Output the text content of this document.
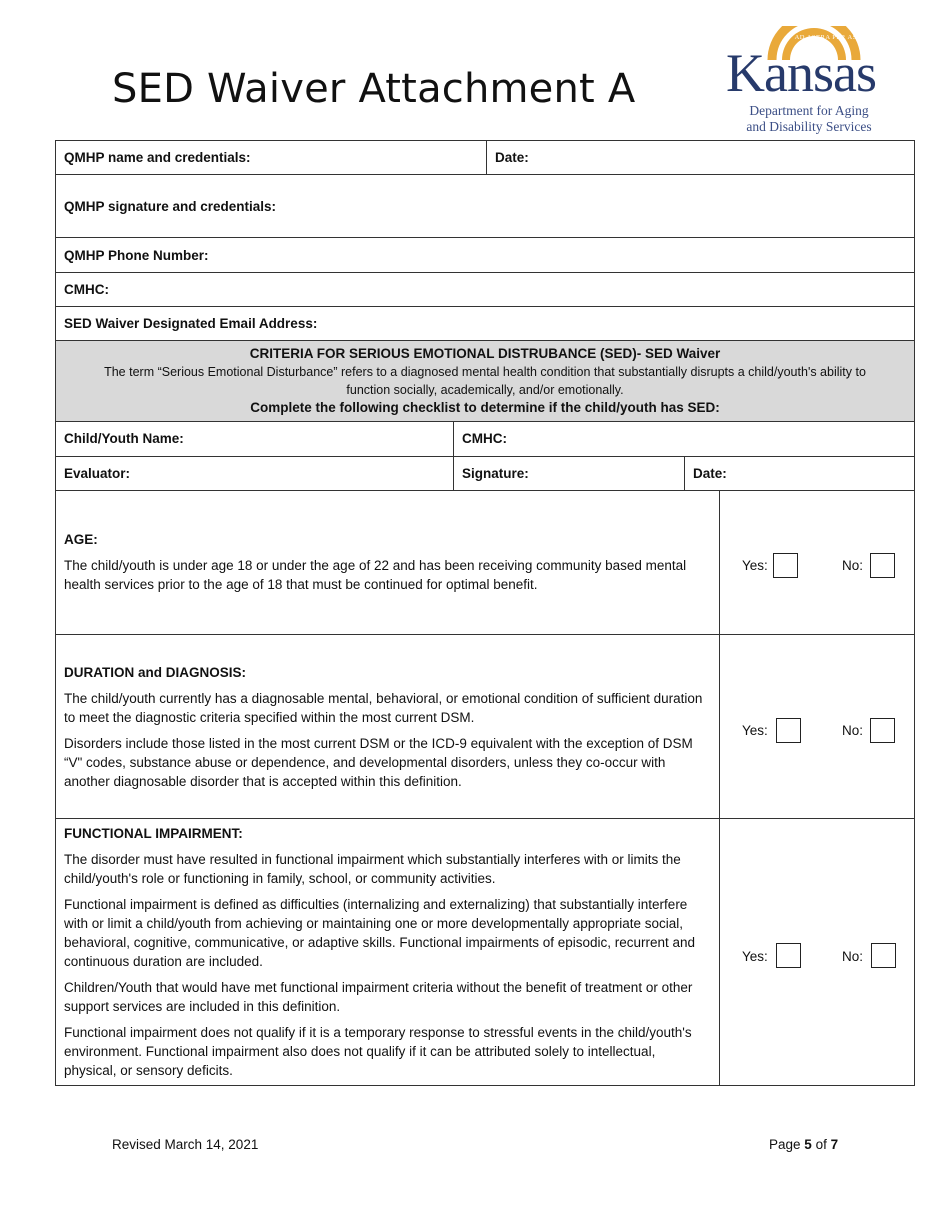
SED Waiver Attachment A
AD ASTRA PER ASPERA
Kansas
Department for Aging
and Disability Services
QMHP name and credentials:	Date:
QMHP signature and credentials:
QMHP Phone Number:
CMHC:
SED Waiver Designated Email Address:

CRITERIA FOR SERIOUS EMOTIONAL DISTRUBANCE (SED)- SED Waiver
The term “Serious Emotional Disturbance” refers to a diagnosed mental health condition that substantially disrupts a child/youth's ability to
function socially, academically, and/or emotionally.
Complete the following checklist to determine if the child/youth has SED:
Child/Youth Name:	CMHC:	
Evaluator:	Signature:	Date:

AGE:

The child/youth is under age 18 or under the age of 22 and has been receiving community based mental health services prior to the age of 18 that must be continued for optimal benefit.

Yes:	No:

DURATION and DIAGNOSIS:

The child/youth currently has a diagnosable mental, behavioral, or emotional condition of sufficient duration to meet the diagnostic criteria specified within the most current DSM.

Disorders include those listed in the most current DSM or the ICD-9 equivalent with the exception of DSM “V" codes, substance abuse or dependence, and developmental disorders, unless they co-occur with another diagnosable disorder that is accepted within this definition.

Yes:	No:

FUNCTIONAL IMPAIRMENT:

The disorder must have resulted in functional impairment which substantially interferes with or limits the child/youth's role or functioning in family, school, or community activities.

Functional impairment is defined as difficulties (internalizing and externalizing) that substantially interfere with or limit a child/youth from achieving or maintaining one or more developmentally appropriate social, behavioral, cognitive, communicative, or adaptive skills. Functional impairments of episodic, recurrent and continuous duration are included.

Children/Youth that would have met functional impairment criteria without the benefit of treatment or other support services are included in this definition.

Functional impairment does not qualify if it is a temporary response to stressful events in the child/youth's environment. Functional impairment also does not qualify if it can be attributed solely to intellectual, physical, or sensory deficits.

Yes:	No:
Revised March 14, 2021	Page 5 of 7
